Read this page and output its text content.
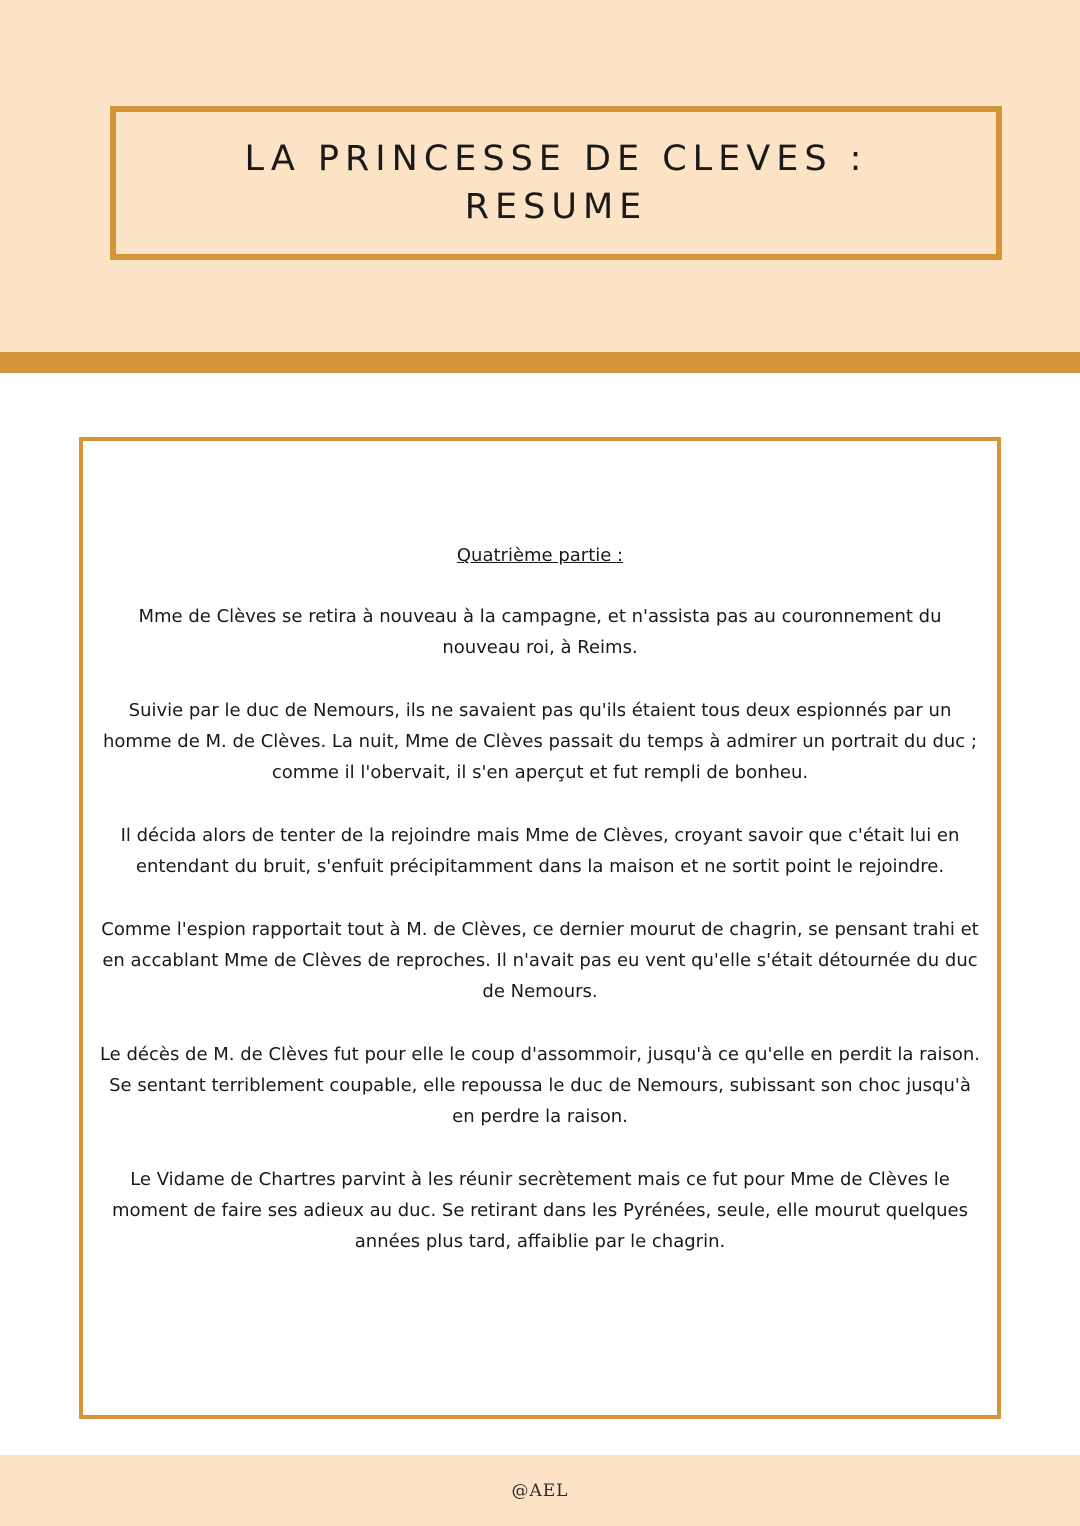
LA PRINCESSE DE CLEVES :
RESUME
Quatrième partie :

Mme de Clèves se retira à nouveau à la campagne, et n'assista pas au couronnement du nouveau roi, à Reims.

Suivie par le duc de Nemours, ils ne savaient pas qu'ils étaient tous deux espionnés par un homme de M. de Clèves. La nuit, Mme de Clèves passait du temps à admirer un portrait du duc ; comme il l'obervait, il s'en aperçut et fut rempli de bonheu.

Il décida alors de tenter de la rejoindre mais Mme de Clèves, croyant savoir que c'était lui en entendant du bruit, s'enfuit précipitamment dans la maison et ne sortit point le rejoindre.

Comme l'espion rapportait tout à M. de Clèves, ce dernier mourut de chagrin, se pensant trahi et en accablant Mme de Clèves de reproches. Il n'avait pas eu vent qu'elle s'était détournée du duc de Nemours.

Le décès de M. de Clèves fut pour elle le coup d'assommoir, jusqu'à ce qu'elle en perdit la raison. Se sentant terriblement coupable, elle repoussa le duc de Nemours, subissant son choc jusqu'à en perdre la raison.

Le Vidame de Chartres parvint à les réunir secrètement mais ce fut pour Mme de Clèves le moment de faire ses adieux au duc. Se retirant dans les Pyrénées, seule, elle mourut quelques années plus tard, affaiblie par le chagrin.

@AEL
